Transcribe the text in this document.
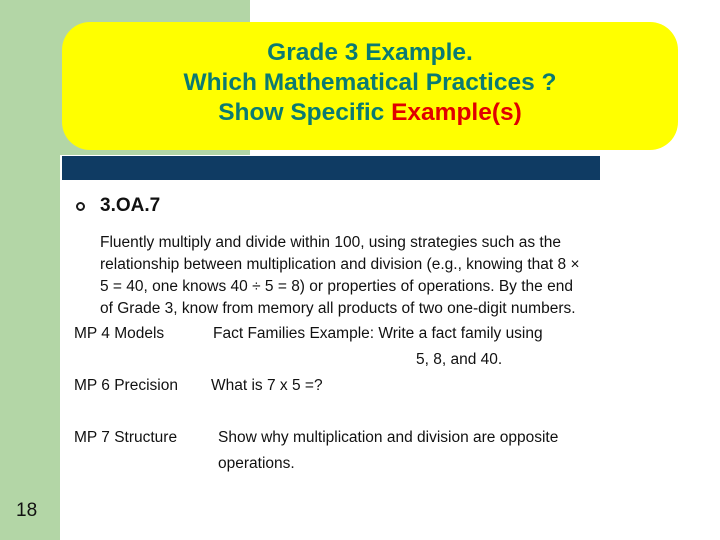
Grade 3 Example.
Which Mathematical Practices ?
Show Specific Example(s)
3.OA.7
Fluently multiply and divide within 100, using strategies such as the
relationship between multiplication and division (e.g., knowing that 8 ×
5 = 40, one knows 40 ÷ 5 = 8) or properties of operations. By the end
of Grade 3, know from memory all products of two one-digit numbers.
MP 4 Models	Fact Families Example: Write a fact family using
5, 8, and 40.
MP 6 Precision What is 7 x 5 =?
MP 7 Structure	Show why multiplication and division are opposite
operations.
18
